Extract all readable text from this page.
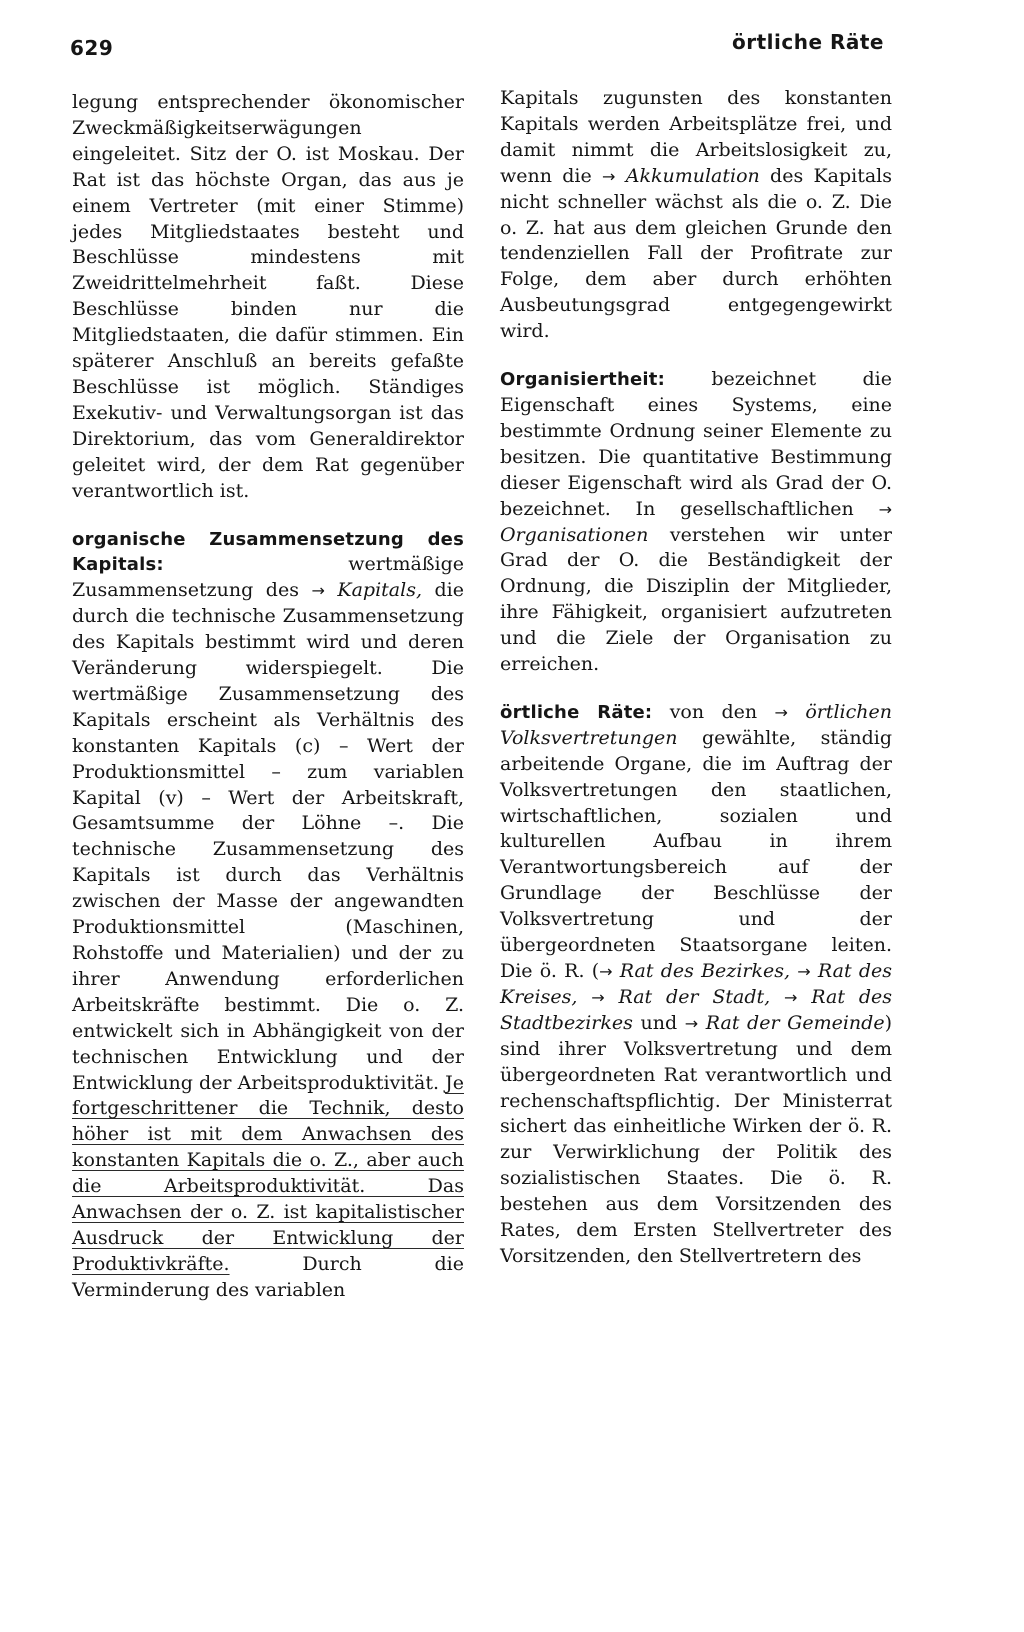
629	örtliche Räte

legung entsprechender ökonomischer Zweckmäßigkeitserwägungen eingeleitet. Sitz der O. ist Moskau. Der Rat ist das höchste Organ, das aus je einem Vertreter (mit einer Stimme) jedes Mitgliedstaates besteht und Beschlüsse mindestens mit Zweidrittelmehrheit faßt. Diese Beschlüsse binden nur die Mitgliedstaaten, die dafür stimmen. Ein späterer Anschluß an bereits gefaßte Beschlüsse ist möglich. Ständiges Exekutiv- und Verwaltungsorgan ist das Direktorium, das vom Generaldirektor geleitet wird, der dem Rat gegenüber verantwortlich ist.

organische Zusammensetzung des Kapitals:	wertmäßige Zusammensetzung des → Kapitals, die durch die technische Zusammensetzung des Kapitals bestimmt wird und deren Veränderung widerspiegelt. Die wertmäßige Zusammensetzung des Kapitals erscheint als Verhältnis des konstanten Kapitals (c) – Wert der Produktionsmittel – zum variablen Kapital (v) – Wert der Arbeitskraft, Gesamtsumme der Löhne –. Die technische Zusammensetzung des Kapitals ist durch das Verhältnis zwischen der Masse der angewandten Produktionsmittel (Maschinen, Rohstoffe und Materialien) und der zu ihrer Anwendung erforderlichen Arbeitskräfte bestimmt. Die o. Z. entwickelt sich in Abhängigkeit von der technischen Entwicklung und der Entwicklung der Arbeitsproduktivität. Je fortgeschrittener die Technik, desto höher ist mit dem Anwachsen des konstanten Kapitals die o. Z., aber auch die Arbeitsproduktivität. Das Anwachsen der o. Z. ist kapitalistischer Ausdruck der Entwicklung der Produktivkräfte.	Durch die Verminderung des variablen

Kapitals zugunsten des konstanten Kapitals werden Arbeitsplätze frei, und damit nimmt die Arbeitslosigkeit zu, wenn die → Akkumulation des Kapitals nicht schneller wächst als die o. Z. Die o. Z. hat aus dem gleichen Grunde den tendenziellen Fall der Profitrate zur Folge, dem aber durch erhöhten Ausbeutungsgrad entgegengewirkt wird.

Organisiertheit: bezeichnet die Eigenschaft eines Systems, eine bestimmte Ordnung seiner Elemente zu besitzen. Die quantitative Bestimmung dieser Eigenschaft wird als Grad der O. bezeichnet. In gesellschaftlichen → Organisationen verstehen wir unter Grad der O. die Beständigkeit der Ordnung, die Disziplin der Mitglieder, ihre Fähigkeit, organisiert aufzutreten und die Ziele der Organisation zu erreichen.

örtliche Räte: von den → örtlichen Volksvertretungen gewählte, ständig arbeitende Organe, die im Auftrag der Volksvertretungen den staatlichen, wirtschaftlichen, sozialen und kulturellen Aufbau in ihrem Verantwortungsbereich auf der Grundlage der Beschlüsse der Volksvertretung und der übergeordneten Staatsorgane leiten. Die ö. R. (→ Rat des Bezirkes, → Rat des Kreises, → Rat der Stadt, → Rat des Stadtbezirkes und → Rat der Gemeinde) sind ihrer Volksvertretung und dem übergeordneten Rat verantwortlich und rechenschaftspflichtig. Der Ministerrat sichert das einheitliche Wirken der ö. R. zur Verwirklichung der Politik des sozialistischen Staates. Die ö. R. bestehen aus dem Vorsitzenden des Rates, dem Ersten Stellvertreter des Vorsitzenden, den Stellvertretern des
